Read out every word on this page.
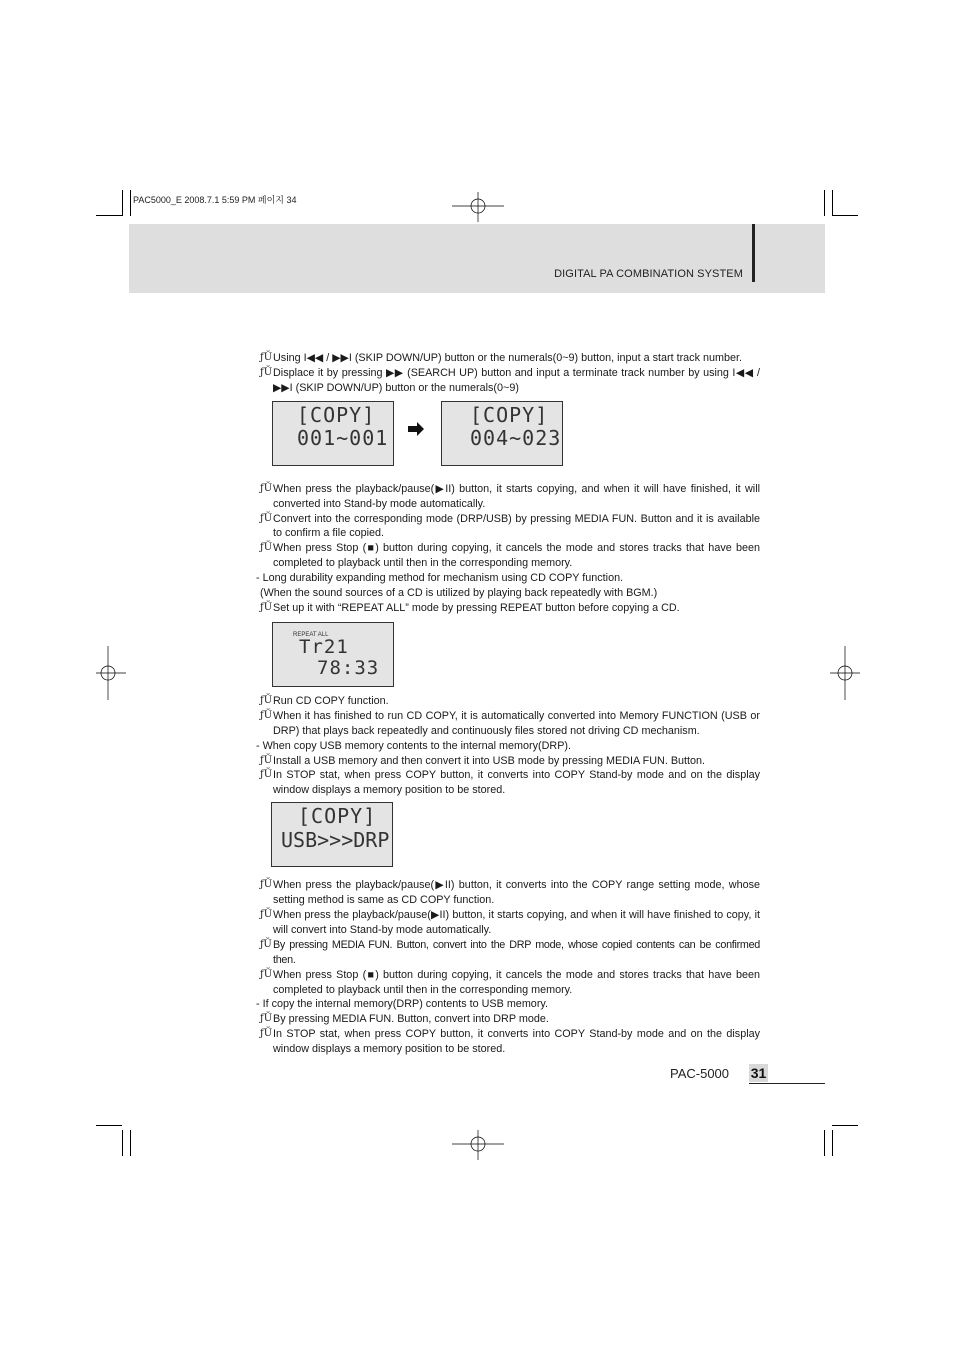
PAC5000_E 2008.7.1 5:59 PM 페이지 34
DIGITAL PA COMBINATION SYSTEM
ƒŬ Using I◀◀ / ▶▶I (SKIP DOWN/UP) button or the numerals(0~9) button, input a start track number.
ƒŬ Displace it by pressing ▶▶ (SEARCH UP) button and input a terminate track number by using I◀◀ / ▶▶I (SKIP DOWN/UP) button or the numerals(0~9)
[COPY]
001~001
[COPY]
004~023
ƒŬ When press the playback/pause(▶II) button, it starts copying, and when it will have finished, it will converted into Stand-by mode automatically.
ƒŬ Convert into the corresponding mode (DRP/USB) by pressing MEDIA FUN. Button and it is available to confirm a file copied.
ƒŬ When press Stop (■) button during copying, it cancels the mode and stores tracks that have been completed to playback until then in the corresponding memory.
- Long durability expanding method for mechanism using CD COPY function.
(When the sound sources of a CD is utilized by playing back repeatedly with BGM.)
ƒŬ Set up it with “REPEAT ALL” mode by pressing REPEAT button before copying a CD.
REPEAT ALL
Tr21
78:33
ƒŬ Run CD COPY function.
ƒŬ When it has finished to run CD COPY, it is automatically converted into Memory FUNCTION (USB or DRP) that plays back repeatedly and continuously files stored not driving CD mechanism.
- When copy USB memory contents to the internal memory(DRP).
ƒŬ Install a USB memory and then convert it into USB mode by pressing MEDIA FUN. Button.
ƒŬ In STOP stat, when press COPY button, it converts into COPY Stand-by mode and on the display window displays a memory position to be stored.
[COPY]
USB>>>DRP
ƒŬ When press the playback/pause(▶II) button, it converts into the COPY range setting mode, whose setting method is same as CD COPY function.
ƒŬ When press the playback/pause(▶II) button, it starts copying, and when it will have finished to copy, it will convert into Stand-by mode automatically.
ƒŬ By pressing MEDIA FUN. Button, convert into the DRP mode, whose copied contents can be confirmed then.
ƒŬ When press Stop (■) button during copying, it cancels the mode and stores tracks that have been completed to playback until then in the corresponding memory.
- If copy the internal memory(DRP) contents to USB memory.
ƒŬ By pressing MEDIA FUN. Button, convert into DRP mode.
ƒŬ In STOP stat, when press COPY button, it converts into COPY Stand-by mode and on the display window displays a memory position to be stored.
PAC-5000 31
